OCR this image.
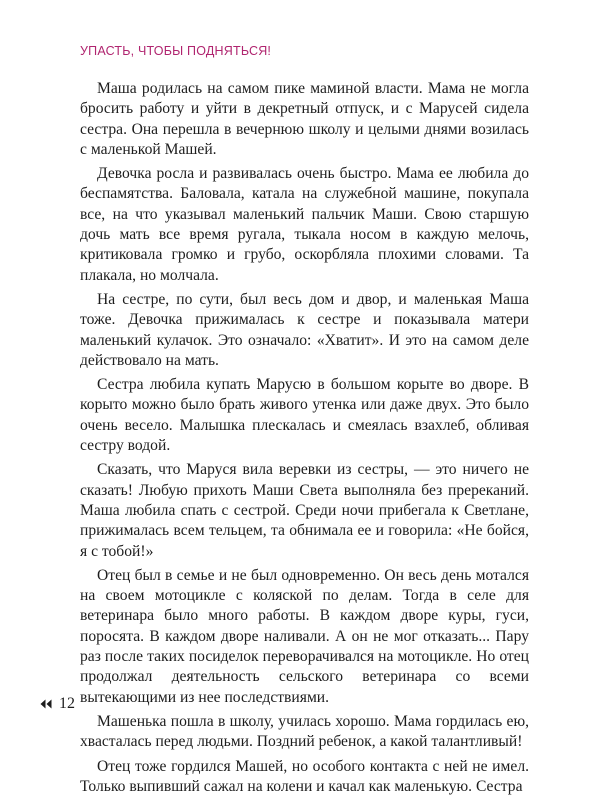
УПАСТЬ, ЧТОБЫ ПОДНЯТЬСЯ!

Маша родилась на самом пике маминой власти. Мама не могла бросить работу и уйти в декретный отпуск, и с Марусей сидела сестра. Она перешла в вечернюю школу и целыми днями возилась с маленькой Машей.

Девочка росла и развивалась очень быстро. Мама ее любила до беспамятства. Баловала, катала на служебной машине, покупала все, на что указывал маленький пальчик Маши. Свою старшую дочь мать все время ругала, тыкала носом в каждую мелочь, критиковала громко и грубо, оскорбляла плохими словами. Та плакала, но молчала.

На сестре, по сути, был весь дом и двор, и маленькая Маша тоже. Девочка прижималась к сестре и показывала матери маленький кулачок. Это означало: «Хватит». И это на самом деле действовало на мать.

Сестра любила купать Марусю в большом корыте во дворе. В корыто можно было брать живого утенка или даже двух. Это было очень весело. Малышка плескалась и смеялась взахлеб, обливая сестру водой.

Сказать, что Маруся вила веревки из сестры, — это ничего не сказать! Любую прихоть Маши Света выполняла без пререканий. Маша любила спать с сестрой. Среди ночи прибегала к Светлане, прижималась всем тельцем, та обнимала ее и говорила: «Не бойся, я с тобой!»

Отец был в семье и не был одновременно. Он весь день мотался на своем мотоцикле с коляской по делам. Тогда в селе для ветеринара было много работы. В каждом дворе куры, гуси, поросята. В каждом дворе наливали. А он не мог отказать... Пару раз после таких посиделок переворачивался на мотоцикле. Но отец продолжал деятельность сельского ветеринара со всеми вытекающими из нее последствиями.

Машенька пошла в школу, училась хорошо. Мама гордилась ею, хвасталась перед людьми. Поздний ребенок, а какой талантливый!

Отец тоже гордился Машей, но особого контакта с ней не имел. Только выпивший сажал на колени и качал как маленькую. Сестра

12
